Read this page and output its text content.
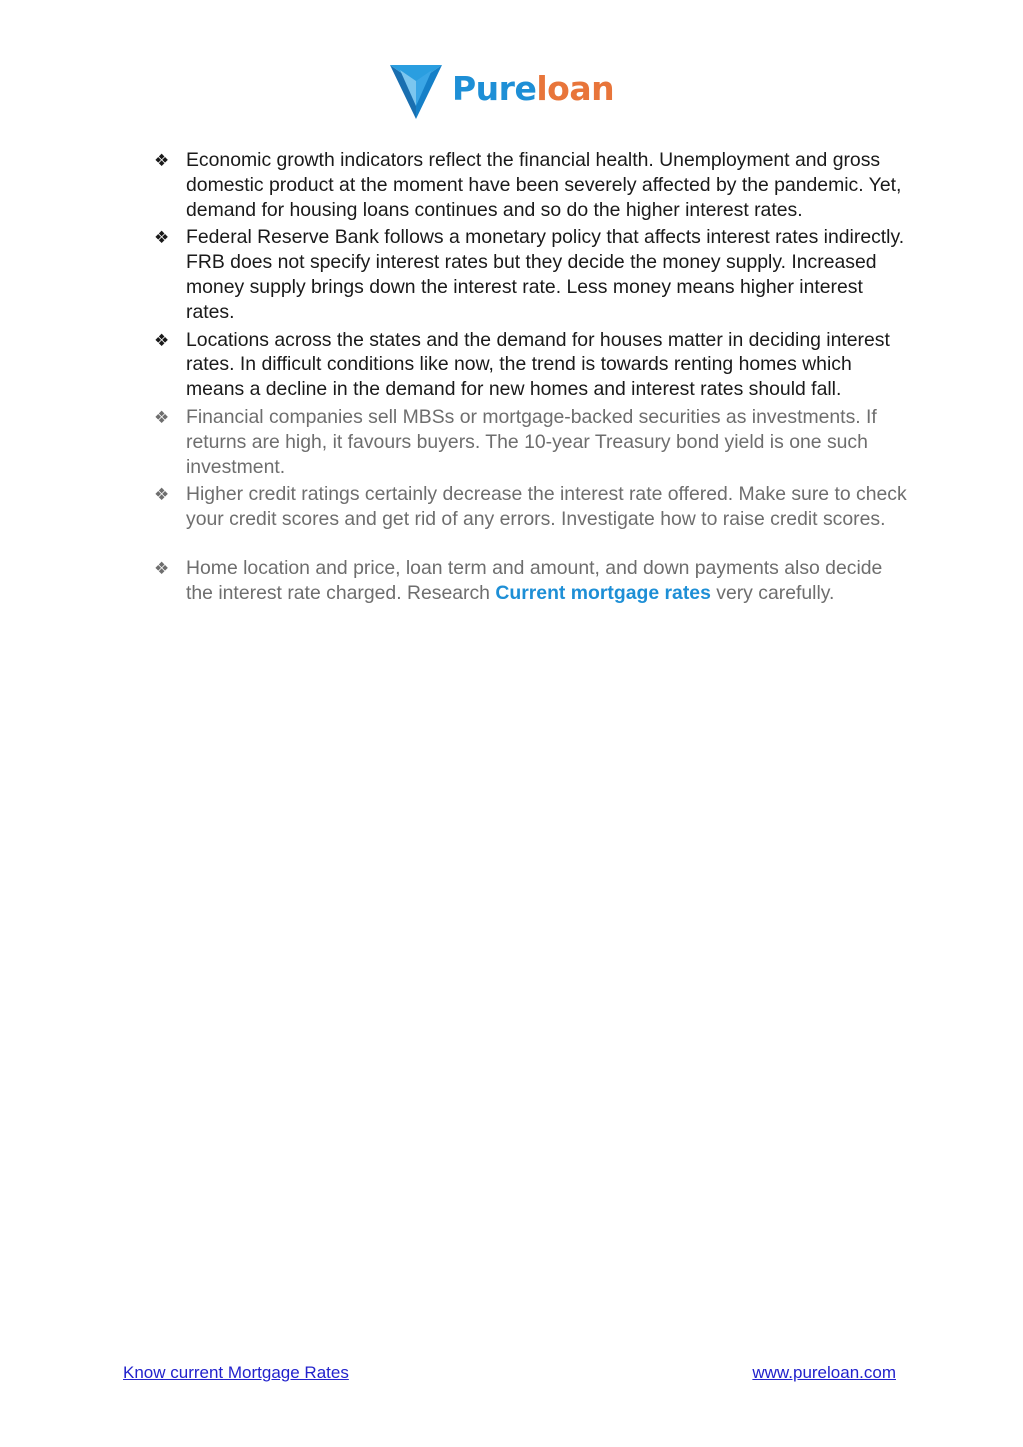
Pureloan
❖ Economic growth indicators reflect the financial health. Unemployment and gross domestic product at the moment have been severely affected by the pandemic. Yet, demand for housing loans continues and so do the higher interest rates.
❖ Federal Reserve Bank follows a monetary policy that affects interest rates indirectly. FRB does not specify interest rates but they decide the money supply. Increased money supply brings down the interest rate. Less money means higher interest rates.
❖ Locations across the states and the demand for houses matter in deciding interest rates. In difficult conditions like now, the trend is towards renting homes which means a decline in the demand for new homes and interest rates should fall.
❖ Financial companies sell MBSs or mortgage-backed securities as investments. If returns are high, it favours buyers. The 10-year Treasury bond yield is one such investment.
❖ Higher credit ratings certainly decrease the interest rate offered. Make sure to check your credit scores and get rid of any errors. Investigate how to raise credit scores.
❖ Home location and price, loan term and amount, and down payments also decide the interest rate charged. Research Current mortgage rates very carefully.
Know current Mortgage Rates	www.pureloan.com
